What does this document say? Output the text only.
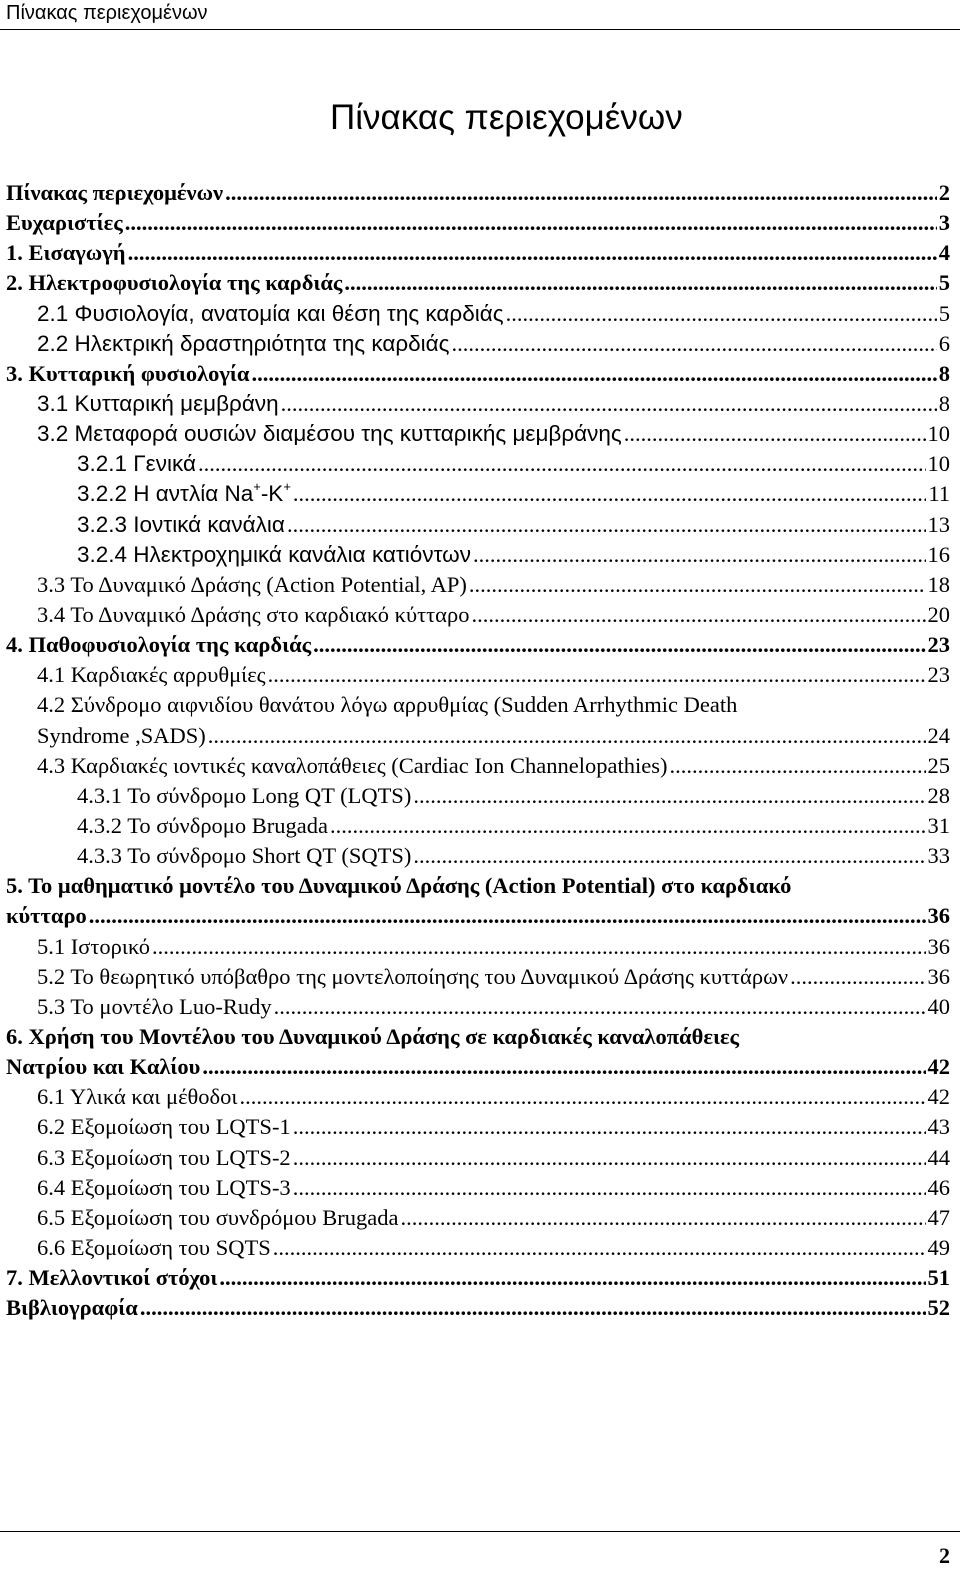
Πίνακας περιεχομένων
Πίνακας περιεχομένων
Πίνακας περιεχομένων .....	2
Ευχαριστίες .....	3
1. Εισαγωγή .....	4
2. Ηλεκτροφυσιολογία της καρδιάς .....	5
2.1 Φυσιολογία, ανατομία και θέση της καρδιάς .....	5
2.2 Ηλεκτρική δραστηριότητα της καρδιάς .....	6
3. Κυτταρική φυσιολογία .....	8
3.1 Κυτταρική μεμβράνη .....	8
3.2 Μεταφορά ουσιών διαμέσου της κυτταρικής μεμβράνης .....	10
3.2.1 Γενικά .....	10
3.2.2 Η αντλία Na+-K+ .....	11
3.2.3 Ιοντικά κανάλια .....	13
3.2.4 Ηλεκτροχημικά κανάλια κατιόντων .....	16
3.3 Το Δυναμικό Δράσης (Action Potential, AP) .....	18
3.4 Το Δυναμικό Δράσης στο καρδιακό κύτταρο .....	20
4. Παθοφυσιολογία της καρδιάς .....	23
4.1 Καρδιακές αρρυθμίες .....	23
4.2 Σύνδρομο αιφνιδίου θανάτου λόγω αρρυθμίας (Sudden Arrhythmic Death
Syndrome ,SADS) .....	24
4.3 Καρδιακές ιοντικές καναλοπάθειες (Cardiac Ion Channelopathies) .....	25
4.3.1 Το σύνδρομο Long QT (LQTS) .....	28
4.3.2 Το σύνδρομο Brugada .....	31
4.3.3 Το σύνδρομο Short QT (SQTS) .....	33
5. Το μαθηματικό μοντέλο του Δυναμικού Δράσης (Action Potential) στο καρδιακό
κύτταρο .....	36
5.1 Ιστορικό .....	36
5.2 Το θεωρητικό υπόβαθρο της μοντελοποίησης του Δυναμικού Δράσης κυττάρων .....	36
5.3 Το μοντέλο Luo-Rudy .....	40
6. Χρήση του Μοντέλου του Δυναμικού Δράσης σε καρδιακές καναλοπάθειες
Νατρίου και Καλίου .....	42
6.1 Υλικά και μέθοδοι .....	42
6.2 Εξομοίωση του LQTS-1 .....	43
6.3 Εξομοίωση του LQTS-2 .....	44
6.4 Εξομοίωση του LQTS-3 .....	46
6.5 Εξομοίωση του συνδρόμου Brugada .....	47
6.6 Εξομοίωση του SQTS .....	49
7. Μελλοντικοί στόχοι .....	51
Βιβλιογραφία .....	52
2
